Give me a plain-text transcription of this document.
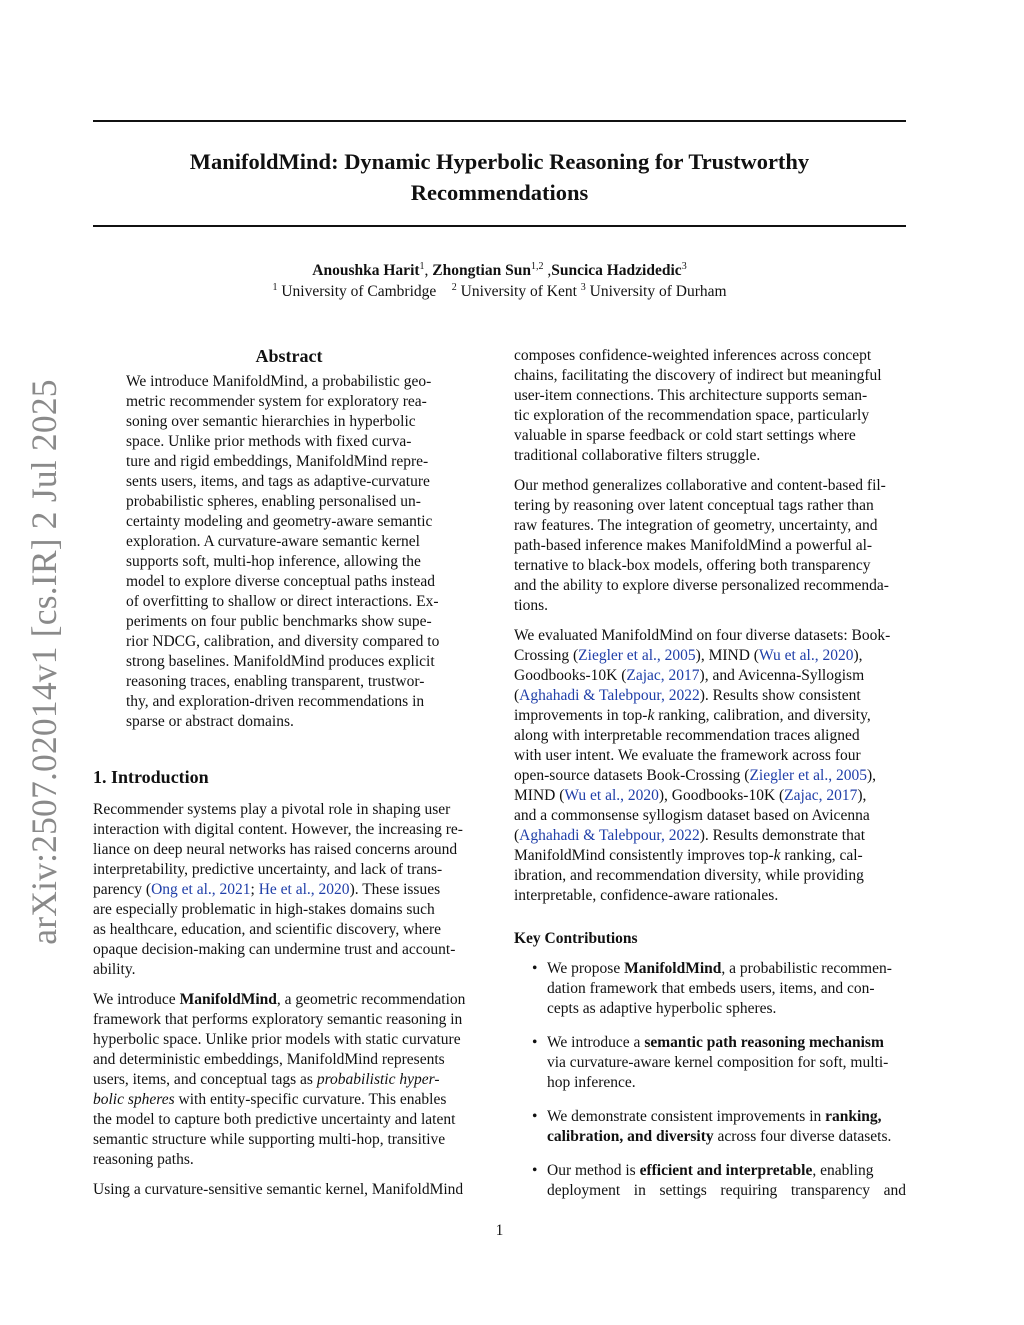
arXiv:2507.02014v1 [cs.IR] 2 Jul 2025
ManifoldMind: Dynamic Hyperbolic Reasoning for Trustworthy
Recommendations
Anoushka Harit$^1$, Zhongtian Sun$^{1,2}$ ,Suncica Hadzidedic$^3$
$^1$ University of Cambridge $^2$ University of Kent $^3$ University of Durham
Abstract
We introduce ManifoldMind, a probabilistic geo-
metric recommender system for exploratory rea-
soning over semantic hierarchies in hyperbolic
space. Unlike prior methods with fixed curva-
ture and rigid embeddings, ManifoldMind repre-
sents users, items, and tags as adaptive-curvature
probabilistic spheres, enabling personalised un-
certainty modeling and geometry-aware semantic
exploration. A curvature-aware semantic kernel
supports soft, multi-hop inference, allowing the
model to explore diverse conceptual paths instead
of overfitting to shallow or direct interactions. Ex-
periments on four public benchmarks show supe-
rior NDCG, calibration, and diversity compared to
strong baselines. ManifoldMind produces explicit
reasoning traces, enabling transparent, trustwor-
thy, and exploration-driven recommendations in
sparse or abstract domains.
1. Introduction
Recommender systems play a pivotal role in shaping user
interaction with digital content. However, the increasing re-
liance on deep neural networks has raised concerns around
interpretability, predictive uncertainty, and lack of trans-
parency (Ong et al., 2021; He et al., 2020). These issues
are especially problematic in high-stakes domains such
as healthcare, education, and scientific discovery, where
opaque decision-making can undermine trust and account-
ability.
We introduce ManifoldMind, a geometric recommendation
framework that performs exploratory semantic reasoning in
hyperbolic space. Unlike prior models with static curvature
and deterministic embeddings, ManifoldMind represents
users, items, and conceptual tags as probabilistic hyper-
bolic spheres with entity-specific curvature. This enables
the model to capture both predictive uncertainty and latent
semantic structure while supporting multi-hop, transitive
reasoning paths.
Using a curvature-sensitive semantic kernel, ManifoldMind
composes confidence-weighted inferences across concept
chains, facilitating the discovery of indirect but meaningful
user-item connections. This architecture supports seman-
tic exploration of the recommendation space, particularly
valuable in sparse feedback or cold start settings where
traditional collaborative filters struggle.
Our method generalizes collaborative and content-based fil-
tering by reasoning over latent conceptual tags rather than
raw features. The integration of geometry, uncertainty, and
path-based inference makes ManifoldMind a powerful al-
ternative to black-box models, offering both transparency
and the ability to explore diverse personalized recommenda-
tions.
We evaluated ManifoldMind on four diverse datasets: Book-
Crossing (Ziegler et al., 2005), MIND (Wu et al., 2020),
Goodbooks-10K (Zajac, 2017), and Avicenna-Syllogism
(Aghahadi & Talebpour, 2022). Results show consistent
improvements in top-k ranking, calibration, and diversity,
along with interpretable recommendation traces aligned
with user intent. We evaluate the framework across four
open-source datasets Book-Crossing (Ziegler et al., 2005),
MIND (Wu et al., 2020), Goodbooks-10K (Zajac, 2017),
and a commonsense syllogism dataset based on Avicenna
(Aghahadi & Talebpour, 2022). Results demonstrate that
ManifoldMind consistently improves top-k ranking, cal-
ibration, and recommendation diversity, while providing
interpretable, confidence-aware rationales.
Key Contributions
• We propose ManifoldMind, a probabilistic recommen-
dation framework that embeds users, items, and con-
cepts as adaptive hyperbolic spheres.
• We introduce a semantic path reasoning mechanism
via curvature-aware kernel composition for soft, multi-
hop inference.
• We demonstrate consistent improvements in ranking,
calibration, and diversity across four diverse datasets.
• Our method is efficient and interpretable, enabling
deployment in settings requiring transparency and
1
